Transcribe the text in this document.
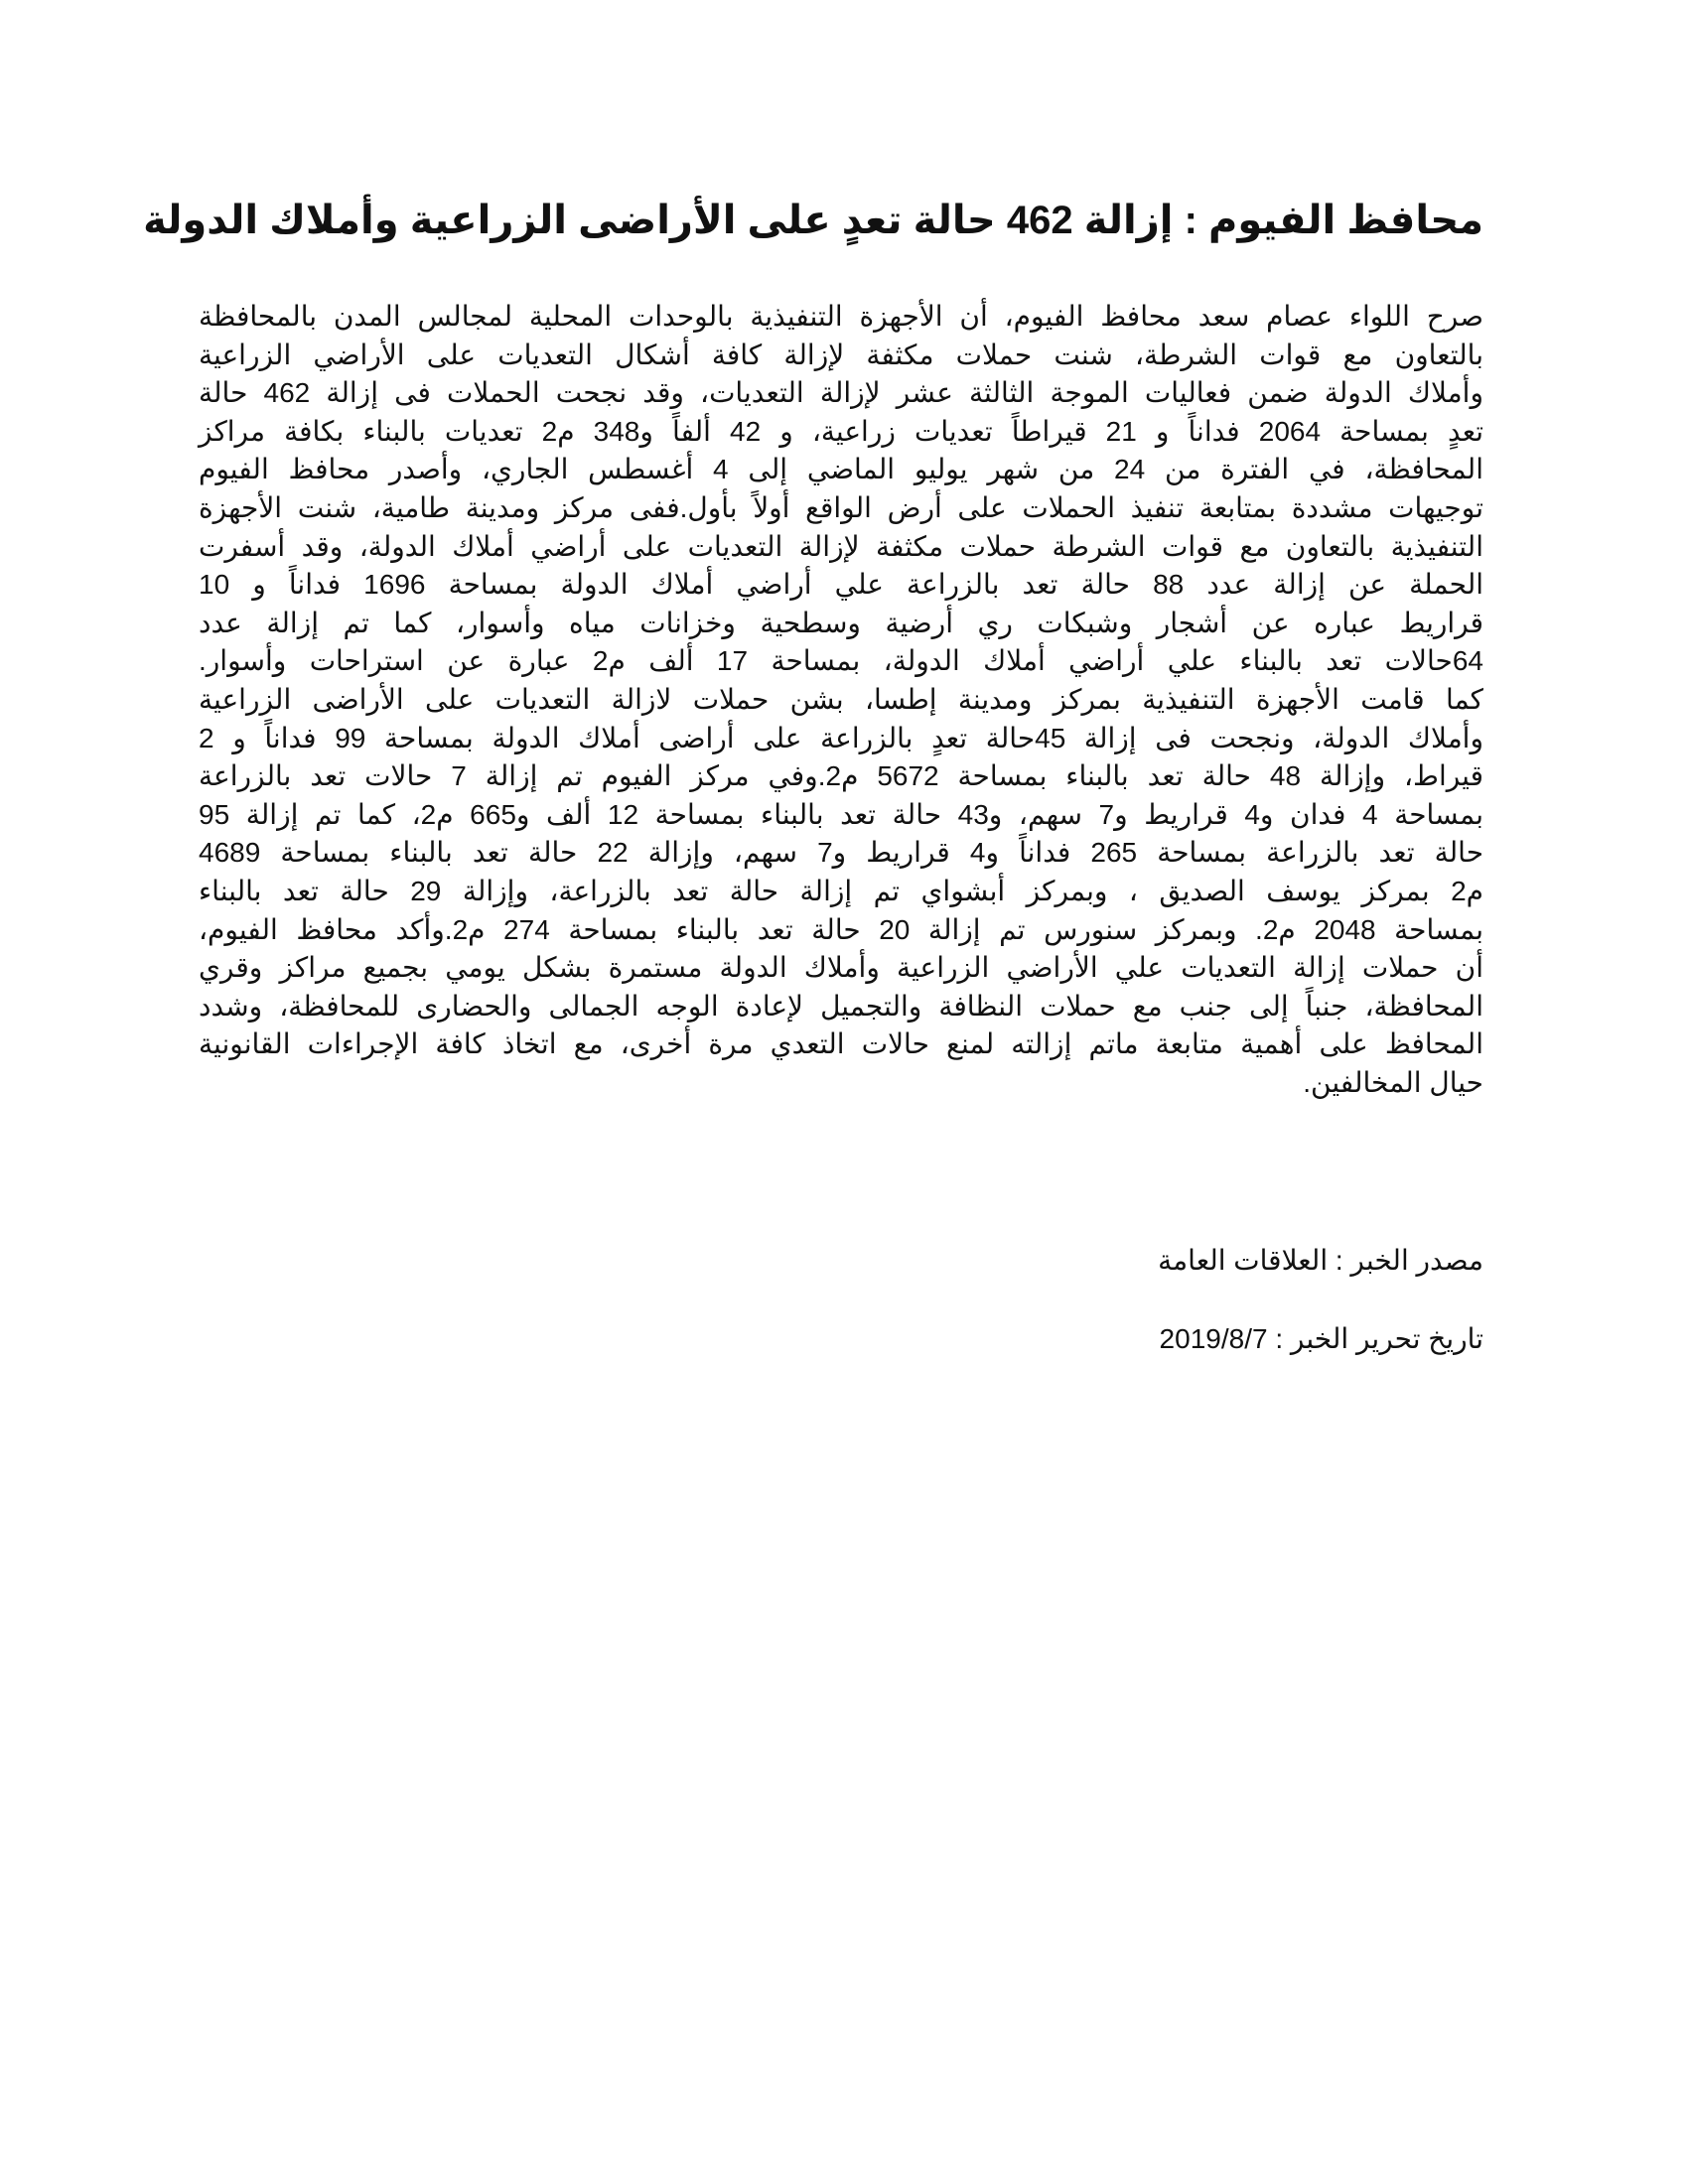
محافظ الفيوم : إزالة 462 حالة تعدٍ على الأراضى الزراعية وأملاك الدولة
صرح اللواء عصام سعد محافظ الفيوم، أن الأجهزة التنفيذية بالوحدات المحلية لمجالس المدن بالمحافظة
بالتعاون مع قوات الشرطة، شنت حملات مكثفة لإزالة كافة أشكال التعديات على الأراضي الزراعية
وأملاك الدولة ضمن فعاليات الموجة الثالثة عشر لإزالة التعديات، وقد نجحت الحملات فى إزالة 462 حالة
تعدٍ بمساحة 2064 فداناً و 21 قيراطاً تعديات زراعية، و 42 ألفاً و348 م2 تعديات بالبناء بكافة مراكز
المحافظة، في الفترة من 24 من شهر يوليو الماضي إلى 4 أغسطس الجاري، وأصدر محافظ الفيوم
توجيهات مشددة بمتابعة تنفيذ الحملات على أرض الواقع أولاً بأول.ففى مركز ومدينة طامية، شنت الأجهزة
التنفيذية بالتعاون مع قوات الشرطة حملات مكثفة لإزالة التعديات على أراضي أملاك الدولة، وقد أسفرت
الحملة عن إزالة عدد 88 حالة تعد بالزراعة علي أراضي أملاك الدولة بمساحة 1696 فداناً و 10
قراريط عباره عن أشجار وشبكات ري أرضية وسطحية وخزانات مياه وأسوار، كما تم إزالة عدد
64حالات تعد بالبناء علي أراضي أملاك الدولة، بمساحة 17 ألف م2 عبارة عن استراحات وأسوار.
كما قامت الأجهزة التنفيذية بمركز ومدينة إطسا، بشن حملات لازالة التعديات على الأراضى الزراعية
وأملاك الدولة، ونجحت فى إزالة 45حالة تعدٍ بالزراعة على أراضى أملاك الدولة بمساحة 99 فداناً و 2
قيراط، وإزالة 48 حالة تعد بالبناء بمساحة 5672 م2.وفي مركز الفيوم تم إزالة 7 حالات تعد بالزراعة
بمساحة 4 فدان و4 قراريط و7 سهم، و43 حالة تعد بالبناء بمساحة 12 ألف و665 م2، كما تم إزالة 95
حالة تعد بالزراعة بمساحة 265 فداناً و4 قراريط و7 سهم، وإزالة 22 حالة تعد بالبناء بمساحة 4689
م2 بمركز يوسف الصديق ، وبمركز أبشواي تم إزالة حالة تعد بالزراعة، وإزالة 29 حالة تعد بالبناء
بمساحة 2048 م2. وبمركز سنورس تم إزالة 20 حالة تعد بالبناء بمساحة 274 م2.وأكد محافظ الفيوم،
أن حملات إزالة التعديات علي الأراضي الزراعية وأملاك الدولة مستمرة بشكل يومي بجميع مراكز وقري
المحافظة، جنباً إلى جنب مع حملات النظافة والتجميل لإعادة الوجه الجمالى والحضارى للمحافظة، وشدد
المحافظ على أهمية متابعة ماتم إزالته لمنع حالات التعدي مرة أخرى، مع اتخاذ كافة الإجراءات القانونية
حيال المخالفين.

مصدر الخبر : العلاقات العامة

تاريخ تحرير الخبر : 2019/8/7
